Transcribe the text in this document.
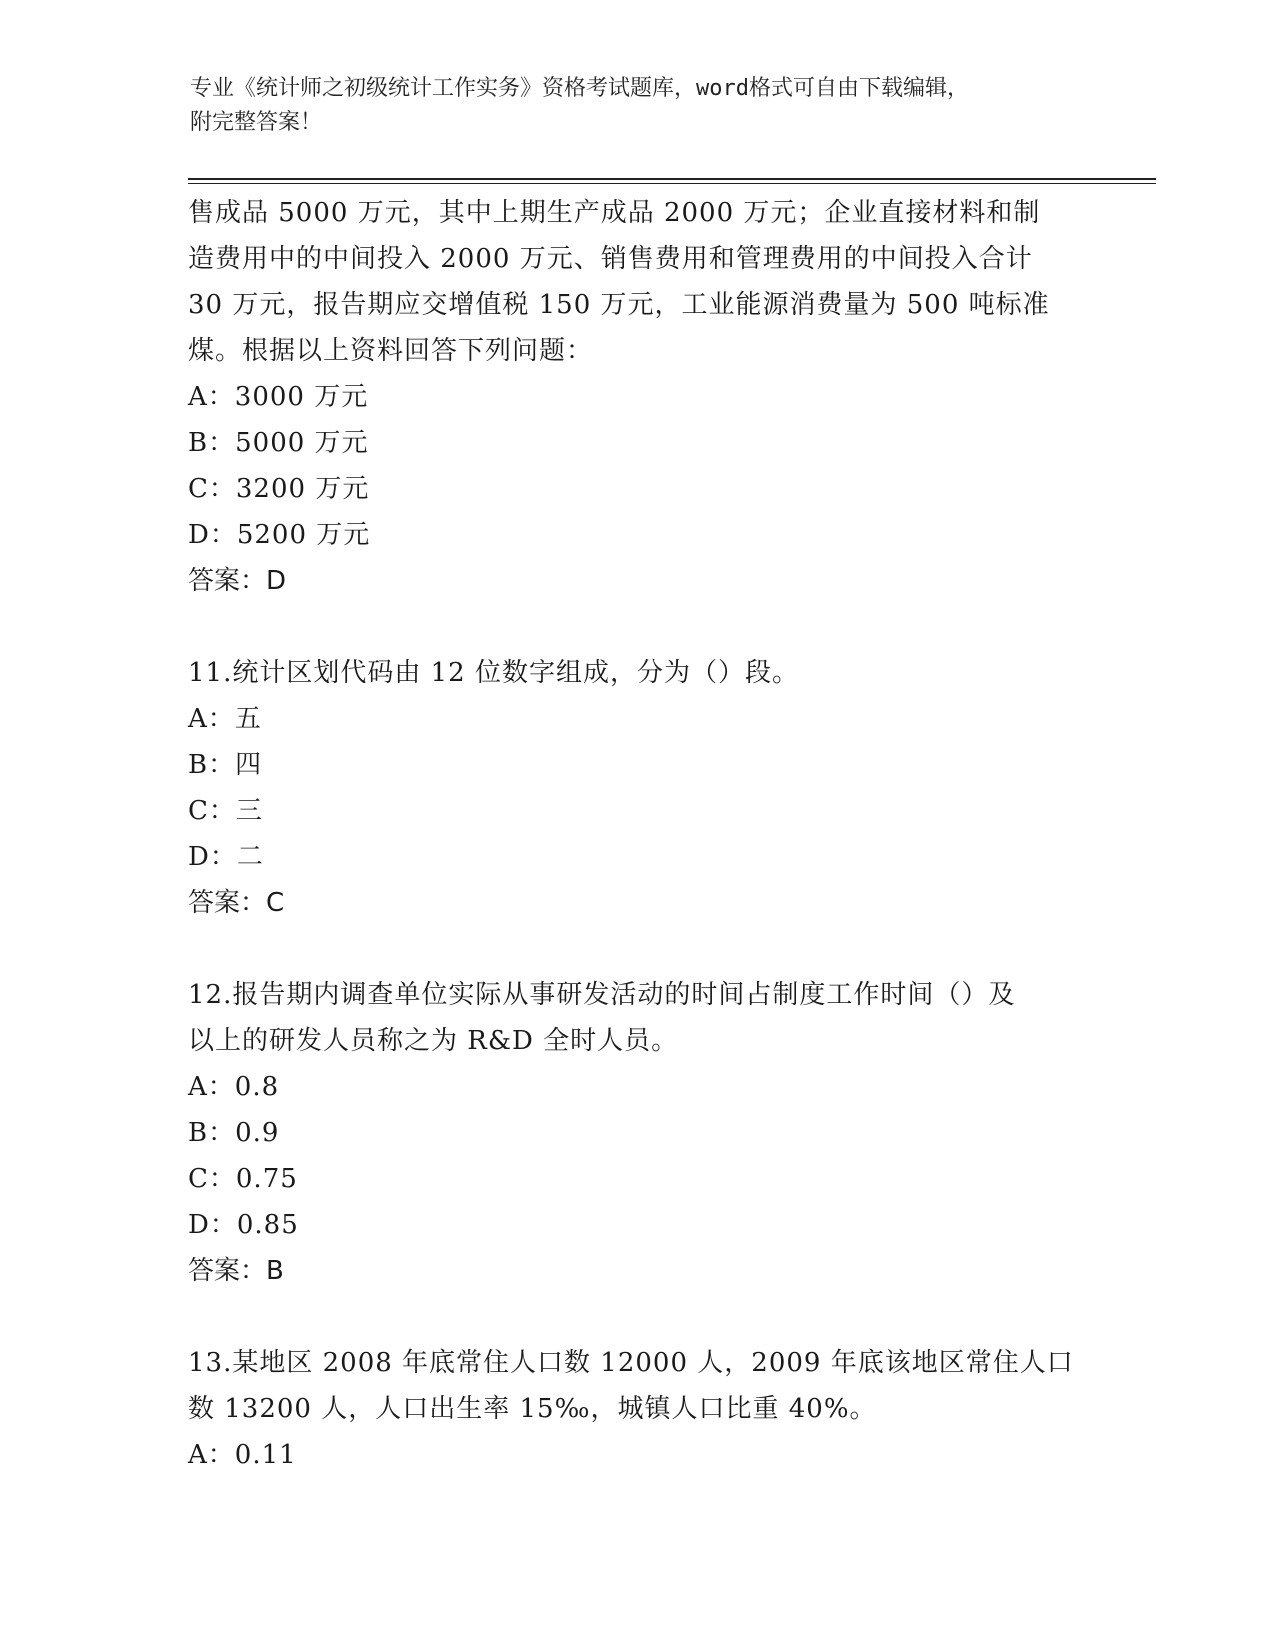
专业《统计师之初级统计工作实务》资格考试题库，word格式可自由下载编辑，
附完整答案！
售成品 5000 万元，其中上期生产成品 2000 万元；企业直接材料和制
造费用中的中间投入 2000 万元、销售费用和管理费用的中间投入合计
30 万元，报告期应交增值税 150 万元，工业能源消费量为 500 吨标准
煤。根据以上资料回答下列问题：
A：3000 万元
B：5000 万元
C：3200 万元
D：5200 万元
答案：D
11.统计区划代码由 12 位数字组成，分为（）段。
A：五
B：四
C：三
D：二
答案：C
12.报告期内调查单位实际从事研发活动的时间占制度工作时间（）及
以上的研发人员称之为 R&D 全时人员。
A：0.8
B：0.9
C：0.75
D：0.85
答案：B
13.某地区 2008 年底常住人口数 12000 人，2009 年底该地区常住人口
数 13200 人，人口出生率 15‰，城镇人口比重 40%。
A：0.11
